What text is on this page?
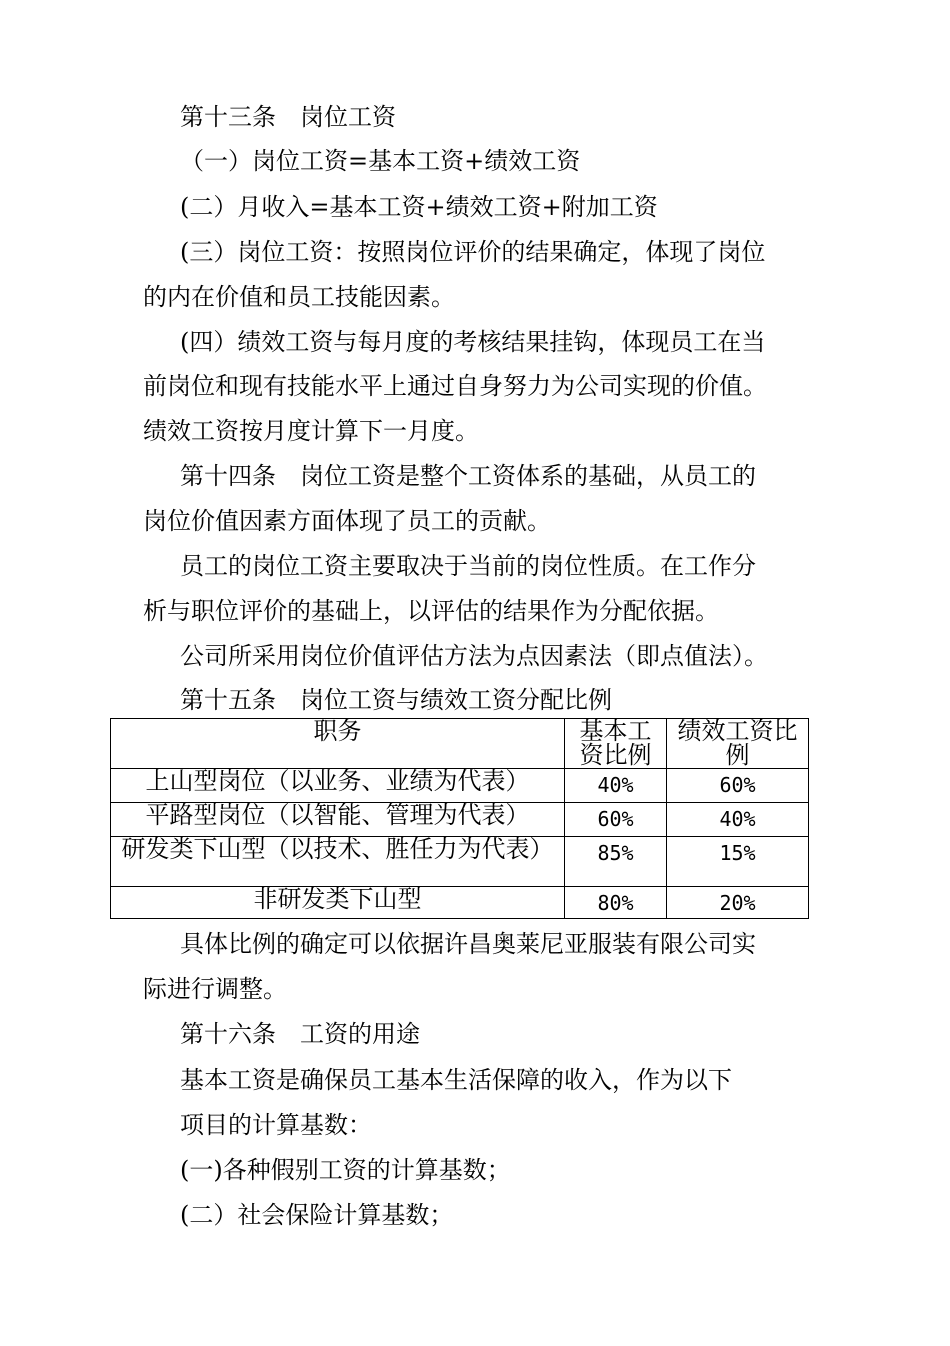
第十三条　岗位工资
（一）岗位工资=基本工资+绩效工资
(二）月收入=基本工资+绩效工资+附加工资
(三）岗位工资：按照岗位评价的结果确定，体现了岗位
的内在价值和员工技能因素。
(四）绩效工资与每月度的考核结果挂钩，体现员工在当
前岗位和现有技能水平上通过自身努力为公司实现的价值。
绩效工资按月度计算下一月度。
第十四条　岗位工资是整个工资体系的基础，从员工的
岗位价值因素方面体现了员工的贡献。
员工的岗位工资主要取决于当前的岗位性质。在工作分
析与职位评价的基础上，以评估的结果作为分配依据。
公司所采用岗位价值评估方法为点因素法（即点值法）。
第十五条　岗位工资与绩效工资分配比例
职务	基本工资比例	绩效工资比例
上山型岗位（以业务、业绩为代表）	40%	60%
平路型岗位（以智能、管理为代表）	60%	40%
研发类下山型（以技术、胜任力为代表）	85%	15%
非研发类下山型	80%	20%
具体比例的确定可以依据许昌奥莱尼亚服装有限公司实
际进行调整。
第十六条　工资的用途
基本工资是确保员工基本生活保障的收入，作为以下
项目的计算基数：
(一)各种假别工资的计算基数；
(二）社会保险计算基数；
